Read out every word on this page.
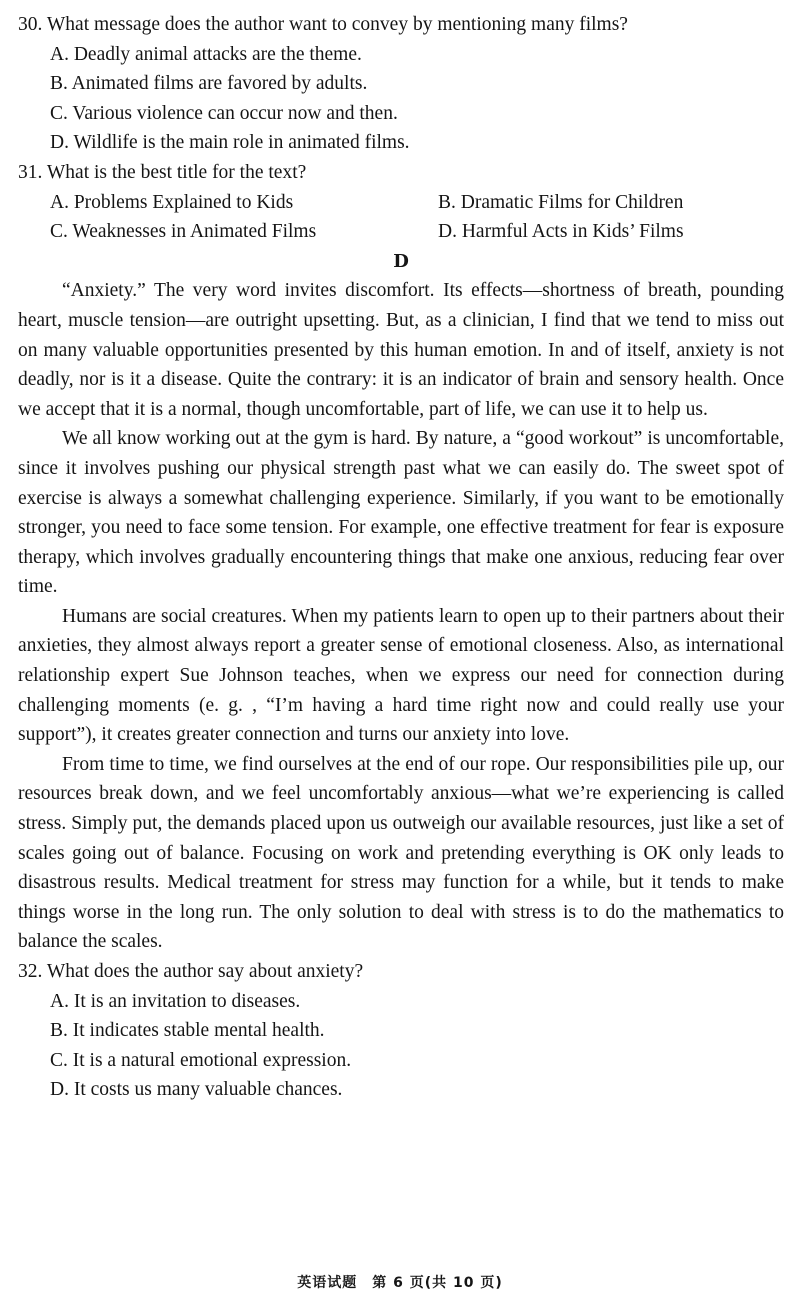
30. What message does the author want to convey by mentioning many films?
A. Deadly animal attacks are the theme.
B. Animated films are favored by adults.
C. Various violence can occur now and then.
D. Wildlife is the main role in animated films.
31. What is the best title for the text?
A. Problems Explained to Kids	B. Dramatic Films for Children
C. Weaknesses in Animated Films	D. Harmful Acts in Kids’ Films
D

“Anxiety.” The very word invites discomfort. Its effects—shortness of breath, pounding heart, muscle tension—are outright upsetting. But, as a clinician, I find that we tend to miss out on many valuable opportunities presented by this human emotion. In and of itself, anxiety is not deadly, nor is it a disease. Quite the contrary: it is an indicator of brain and sensory health. Once we accept that it is a normal, though uncomfortable, part of life, we can use it to help us.

We all know working out at the gym is hard. By nature, a “good workout” is uncomfortable, since it involves pushing our physical strength past what we can easily do. The sweet spot of exercise is always a somewhat challenging experience. Similarly, if you want to be emotionally stronger, you need to face some tension. For example, one effective treatment for fear is exposure therapy, which involves gradually encountering things that make one anxious, reducing fear over time.

Humans are social creatures. When my patients learn to open up to their partners about their anxieties, they almost always report a greater sense of emotional closeness. Also, as international relationship expert Sue Johnson teaches, when we express our need for connection during challenging moments (e. g. , “I’m having a hard time right now and could really use your support”), it creates greater connection and turns our anxiety into love.

From time to time, we find ourselves at the end of our rope. Our responsibilities pile up, our resources break down, and we feel uncomfortably anxious—what we’re experiencing is called stress. Simply put, the demands placed upon us outweigh our available resources, just like a set of scales going out of balance. Focusing on work and pretending everything is OK only leads to disastrous results. Medical treatment for stress may function for a while, but it tends to make things worse in the long run. The only solution to deal with stress is to do the mathematics to balance the scales.

32. What does the author say about anxiety?
A. It is an invitation to diseases.
B. It indicates stable mental health.
C. It is a natural emotional expression.
D. It costs us many valuable chances.
英语试题　第 6 页(共 10 页)
